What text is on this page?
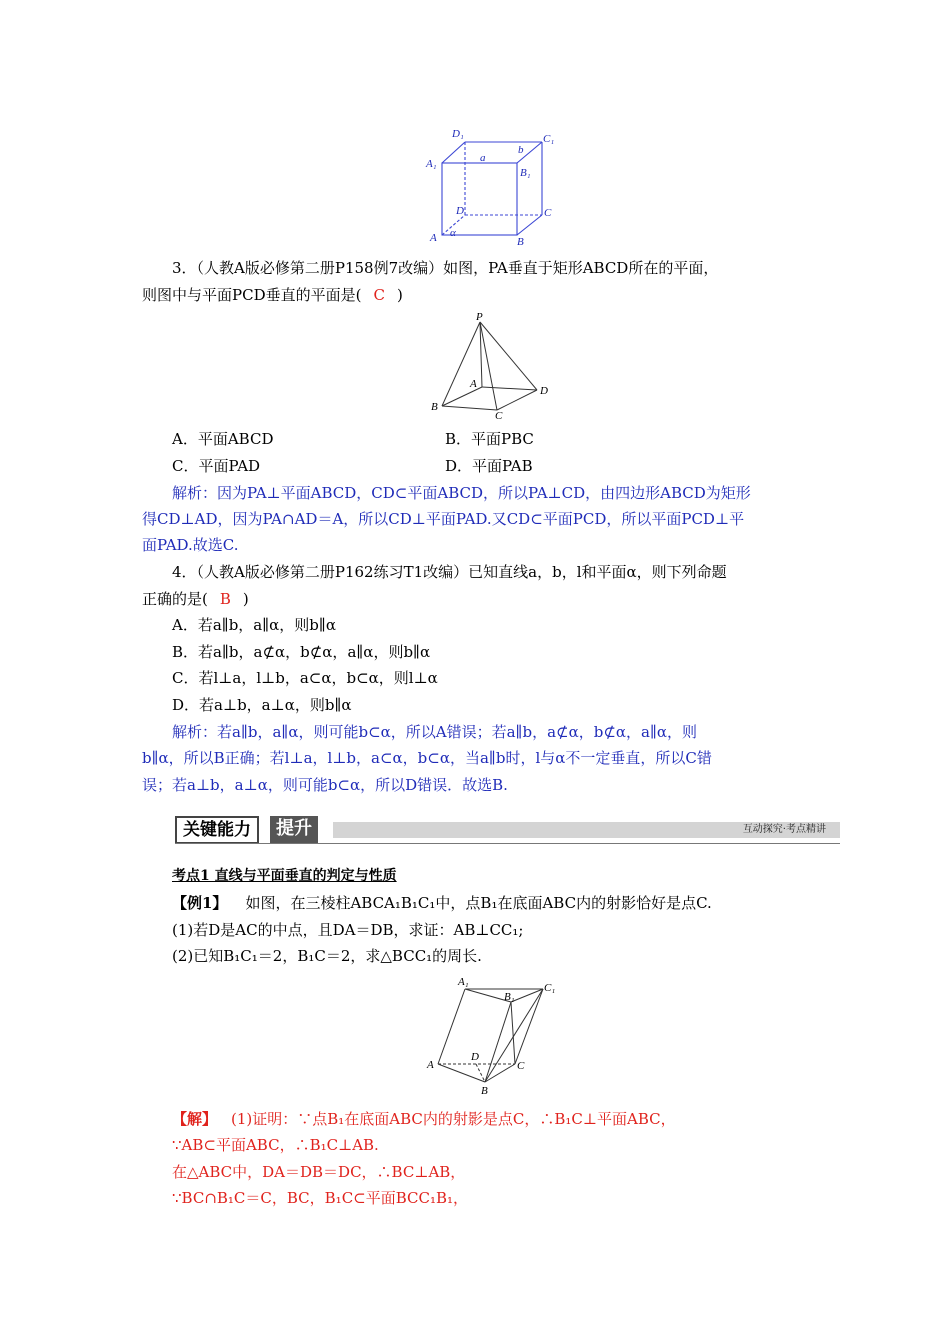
D₁	C₁
A₁	a
b
B₁
D	C
A α
B
3．（人教A版必修第二册P158例7改编）如图，PA垂直于矩形ABCD所在的平面，
则图中与平面PCD垂直的平面是( C )
P
A
D
B
C
A．平面ABCD	B．平面PBC
C．平面PAD	D．平面PAB
解析：因为PA⊥平面ABCD，CD⊂平面ABCD，所以PA⊥CD，由四边形ABCD为矩形
得CD⊥AD，因为PA∩AD＝A，所以CD⊥平面PAD.又CD⊂平面PCD，所以平面PCD⊥平
面PAD.故选C.
4．（人教A版必修第二册P162练习T1改编）已知直线a，b，l和平面α，则下列命题
正确的是( B )
A．若a∥b，a∥α，则b∥α
B．若a∥b，a⊄α，b⊄α，a∥α，则b∥α
C．若l⊥a，l⊥b，a⊂α，b⊂α，则l⊥α
D．若a⊥b，a⊥α，则b∥α
解析：若a∥b，a∥α，则可能b⊂α，所以A错误；若a∥b，a⊄α，b⊄α，a∥α，则
b∥α，所以B正确；若l⊥a，l⊥b，a⊂α，b⊂α，当a∥b时，l与α不一定垂直，所以C错
误；若a⊥b，a⊥α，则可能b⊂α，所以D错误．故选B.
关键能力	提升	互动探究·考点精讲
考点1 直线与平面垂直的判定与性质
【例1】 如图，在三棱柱ABCA₁B₁C₁中，点B₁在底面ABC内的射影恰好是点C.
(1)若D是AC的中点，且DA＝DB，求证：AB⊥CC₁;
(2)已知B₁C₁＝2，B₁C＝2，求△BCC₁的周长.
A₁
B₁
C₁
D
A	C
B
【解】 (1)证明：∵点B₁在底面ABC内的射影是点C，∴B₁C⊥平面ABC，
∵AB⊂平面ABC，∴B₁C⊥AB.
在△ABC中，DA＝DB＝DC，∴BC⊥AB，
∵BC∩B₁C＝C，BC，B₁C⊂平面BCC₁B₁，
